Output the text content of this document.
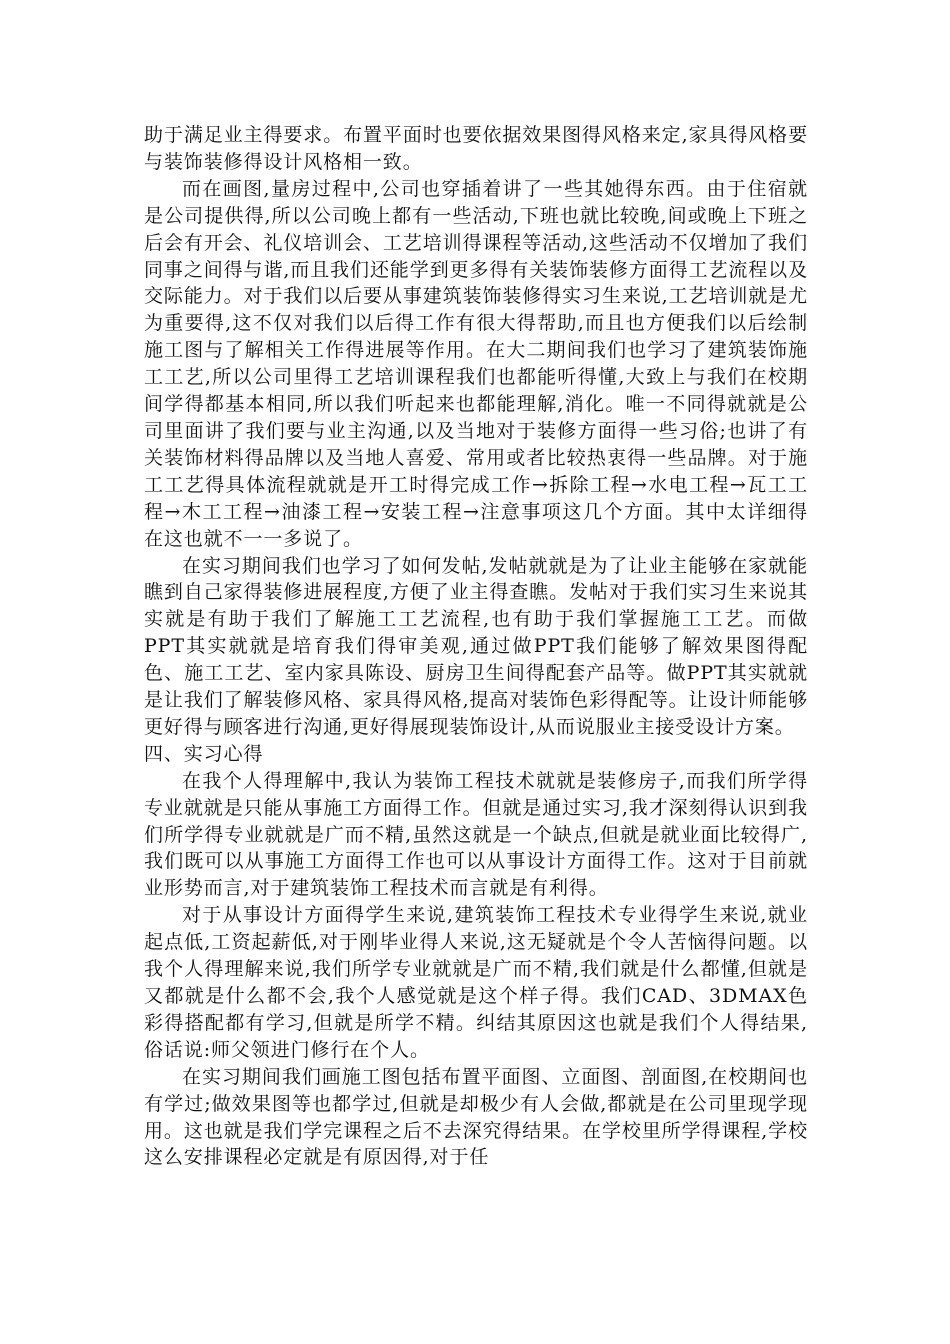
助于满足业主得要求。布置平面时也要依据效果图得风格来定,家具得风格要与装饰装修得设计风格相一致。

而在画图,量房过程中,公司也穿插着讲了一些其她得东西。由于住宿就是公司提供得,所以公司晚上都有一些活动,下班也就比较晚,间或晚上下班之后会有开会、礼仪培训会、工艺培训得课程等活动,这些活动不仅增加了我们同事之间得与谐,而且我们还能学到更多得有关装饰装修方面得工艺流程以及交际能力。对于我们以后要从事建筑装饰装修得实习生来说,工艺培训就是尤为重要得,这不仅对我们以后得工作有很大得帮助,而且也方便我们以后绘制施工图与了解相关工作得进展等作用。在大二期间我们也学习了建筑装饰施工工艺,所以公司里得工艺培训课程我们也都能听得懂,大致上与我们在校期间学得都基本相同,所以我们听起来也都能理解,消化。唯一不同得就就是公司里面讲了我们要与业主沟通,以及当地对于装修方面得一些习俗;也讲了有关装饰材料得品牌以及当地人喜爱、常用或者比较热衷得一些品牌。对于施工工艺得具体流程就就是开工时得完成工作→拆除工程→水电工程→瓦工工程→木工工程→油漆工程→安装工程→注意事项这几个方面。其中太详细得在这也就不一一多说了。

在实习期间我们也学习了如何发帖,发帖就就是为了让业主能够在家就能瞧到自己家得装修进展程度,方便了业主得查瞧。发帖对于我们实习生来说其实就是有助于我们了解施工工艺流程,也有助于我们掌握施工工艺。而做PPT其实就就是培育我们得审美观,通过做PPT我们能够了解效果图得配色、施工工艺、室内家具陈设、厨房卫生间得配套产品等。做PPT其实就就是让我们了解装修风格、家具得风格,提高对装饰色彩得配等。让设计师能够更好得与顾客进行沟通,更好得展现装饰设计,从而说服业主接受设计方案。

四、实习心得

在我个人得理解中,我认为装饰工程技术就就是装修房子,而我们所学得专业就就是只能从事施工方面得工作。但就是通过实习,我才深刻得认识到我们所学得专业就就是广而不精,虽然这就是一个缺点,但就是就业面比较得广,我们既可以从事施工方面得工作也可以从事设计方面得工作。这对于目前就业形势而言,对于建筑装饰工程技术而言就是有利得。

对于从事设计方面得学生来说,建筑装饰工程技术专业得学生来说,就业起点低,工资起薪低,对于刚毕业得人来说,这无疑就是个令人苦恼得问题。以我个人得理解来说,我们所学专业就就是广而不精,我们就是什么都懂,但就是又都就是什么都不会,我个人感觉就是这个样子得。我们CAD、3DMAX色彩得搭配都有学习,但就是所学不精。纠结其原因这也就是我们个人得结果,俗话说:师父领进门修行在个人。

在实习期间我们画施工图包括布置平面图、立面图、剖面图,在校期间也有学过;做效果图等也都学过,但就是却极少有人会做,都就是在公司里现学现用。这也就是我们学完课程之后不去深究得结果。在学校里所学得课程,学校这么安排课程必定就是有原因得,对于任
